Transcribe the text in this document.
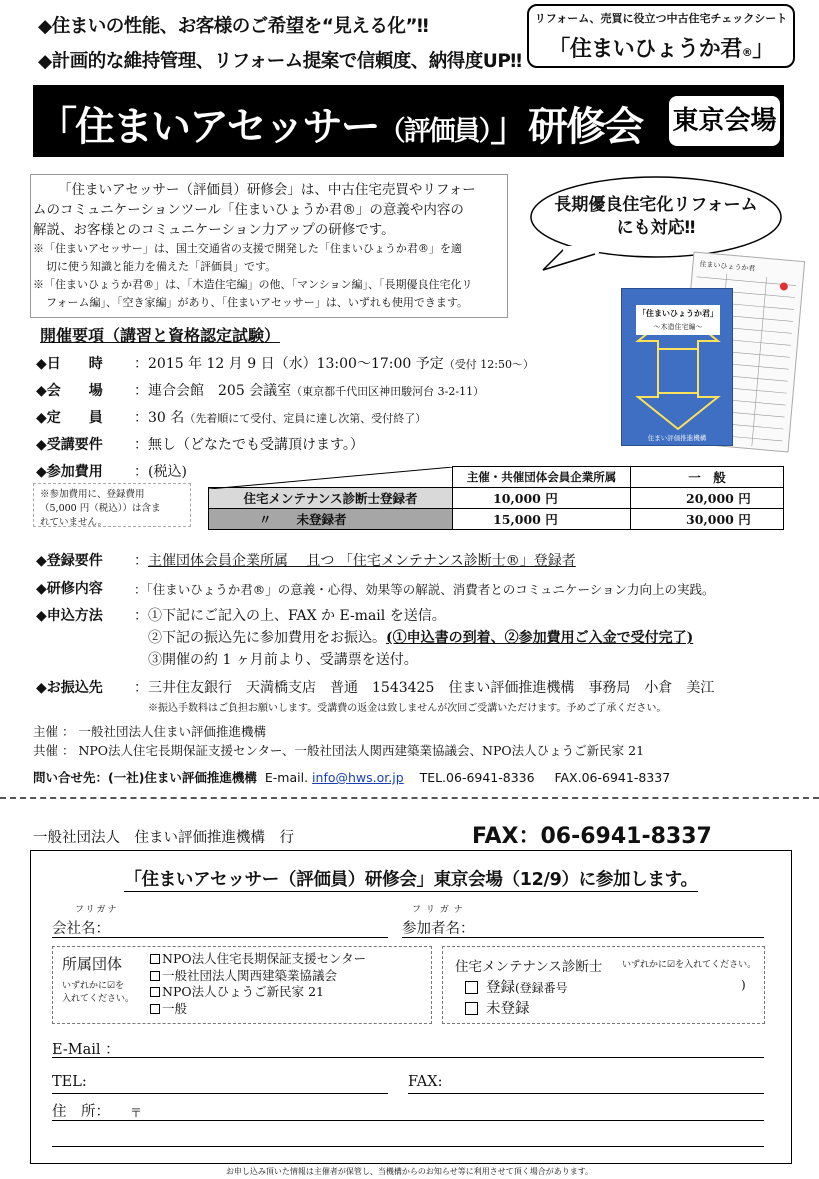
◆住まいの性能、お客様のご希望を“見える化”‼
◆計画的な維持管理、リフォーム提案で信頼度、納得度UP‼
リフォーム、売買に役立つ中古住宅チェックシート
「住まいひょうか君®」
「住まいアセッサー（評価員）」研修会 東京会場
「住まいアセッサー（評価員）研修会」は、中古住宅売買やリフォー
ムのコミュニケーションツール「住まいひょうか君®」の意義や内容の
解説、お客様とのコミュニケーション力アップの研修です。
※「住まいアセッサー」は、国土交通省の支援で開発した「住まいひょうか君®」を適
切に使う知識と能力を備えた「評価員」です。
※「住まいひょうか君®」は、「木造住宅編」の他、「マンション編」、「長期優良住宅化リ
フォーム編」、「空き家編」があり、「住まいアセッサー」は、いずれも使用できます。
長期優良住宅化リフォーム
にも対応‼
住まいひょうか君
「住まいひょうか君」
〜木造住宅編〜
住まい評価推進機構
開催要項（講習と資格認定試験）
◆日　　時 ：2015 年 12 月 9 日（水）13:00～17:00 予定（受付 12:50～）
◆会　　場 ：連合会館　205 会議室（東京都千代田区神田駿河台 3-2-11）
◆定　　員 ：30 名（先着順にて受付、定員に達し次第、受付終了）
◆受講要件 ：無し（どなたでも受講頂けます。）
◆参加費用 ：(税込)
※参加費用に、登録費用
（5,000 円（税込））は含ま
れていません。
	主催・共催団体会員企業所属	一　般
住宅メンテナンス診断士登録者	10,000 円	20,000 円
〃　　未登録者	15,000 円	30,000 円
◆登録要件 ：主催団体会員企業所属　 且つ 「住宅メンテナンス診断士®」登録者
◆研修内容 ：「住まいひょうか君®」の意義・心得、効果等の解説、消費者とのコミュニケーション力向上の実践。
◆申込方法 ：①下記にご記入の上、FAX か E-mail を送信。
②下記の振込先に参加費用をお振込。(①申込書の到着、②参加費用ご入金で受付完了)
③開催の約 1 ヶ月前より、受講票を送付。
◆お振込先 ：三井住友銀行　天満橋支店　普通　1543425　住まい評価推進機構　事務局　小倉　美江
※振込手数料はご負担お願いします。受講費の返金は致しませんが次回ご受講いただけます。予めご了承ください。
主催 ： 一般社団法人住まい評価推進機構
共催 ： NPO法人住宅長期保証支援センター、一般社団法人関西建築業協議会、NPO法人ひょうご新民家 21
問い合せ先：(一社)住まい評価推進機構 E-mail. info@hws.or.jp TEL.06-6941-8336 FAX.06-6941-8337
一般社団法人　住まい評価推進機構　行	FAX：06-6941-8337
「住まいアセッサー（評価員）研修会」東京会場（12/9）に参加します。
フリガナ
会社名：
フ リ ガ ナ
参加者名：
所属団体
いずれかに☑を
入れてください。
NPO法人住宅長期保証支援センター
一般社団法人関西建築業協議会
NPO法人ひょうご新民家 21
一般
住宅メンテナンス診断士 いずれかに☑を入れてください。
登録(登録番号	)
未登録
E-Mail ：
TEL:	FAX:
住　所： 〒
お申し込み頂いた情報は主催者が保管し、当機構からのお知らせ等に利用させて頂く場合があります。
